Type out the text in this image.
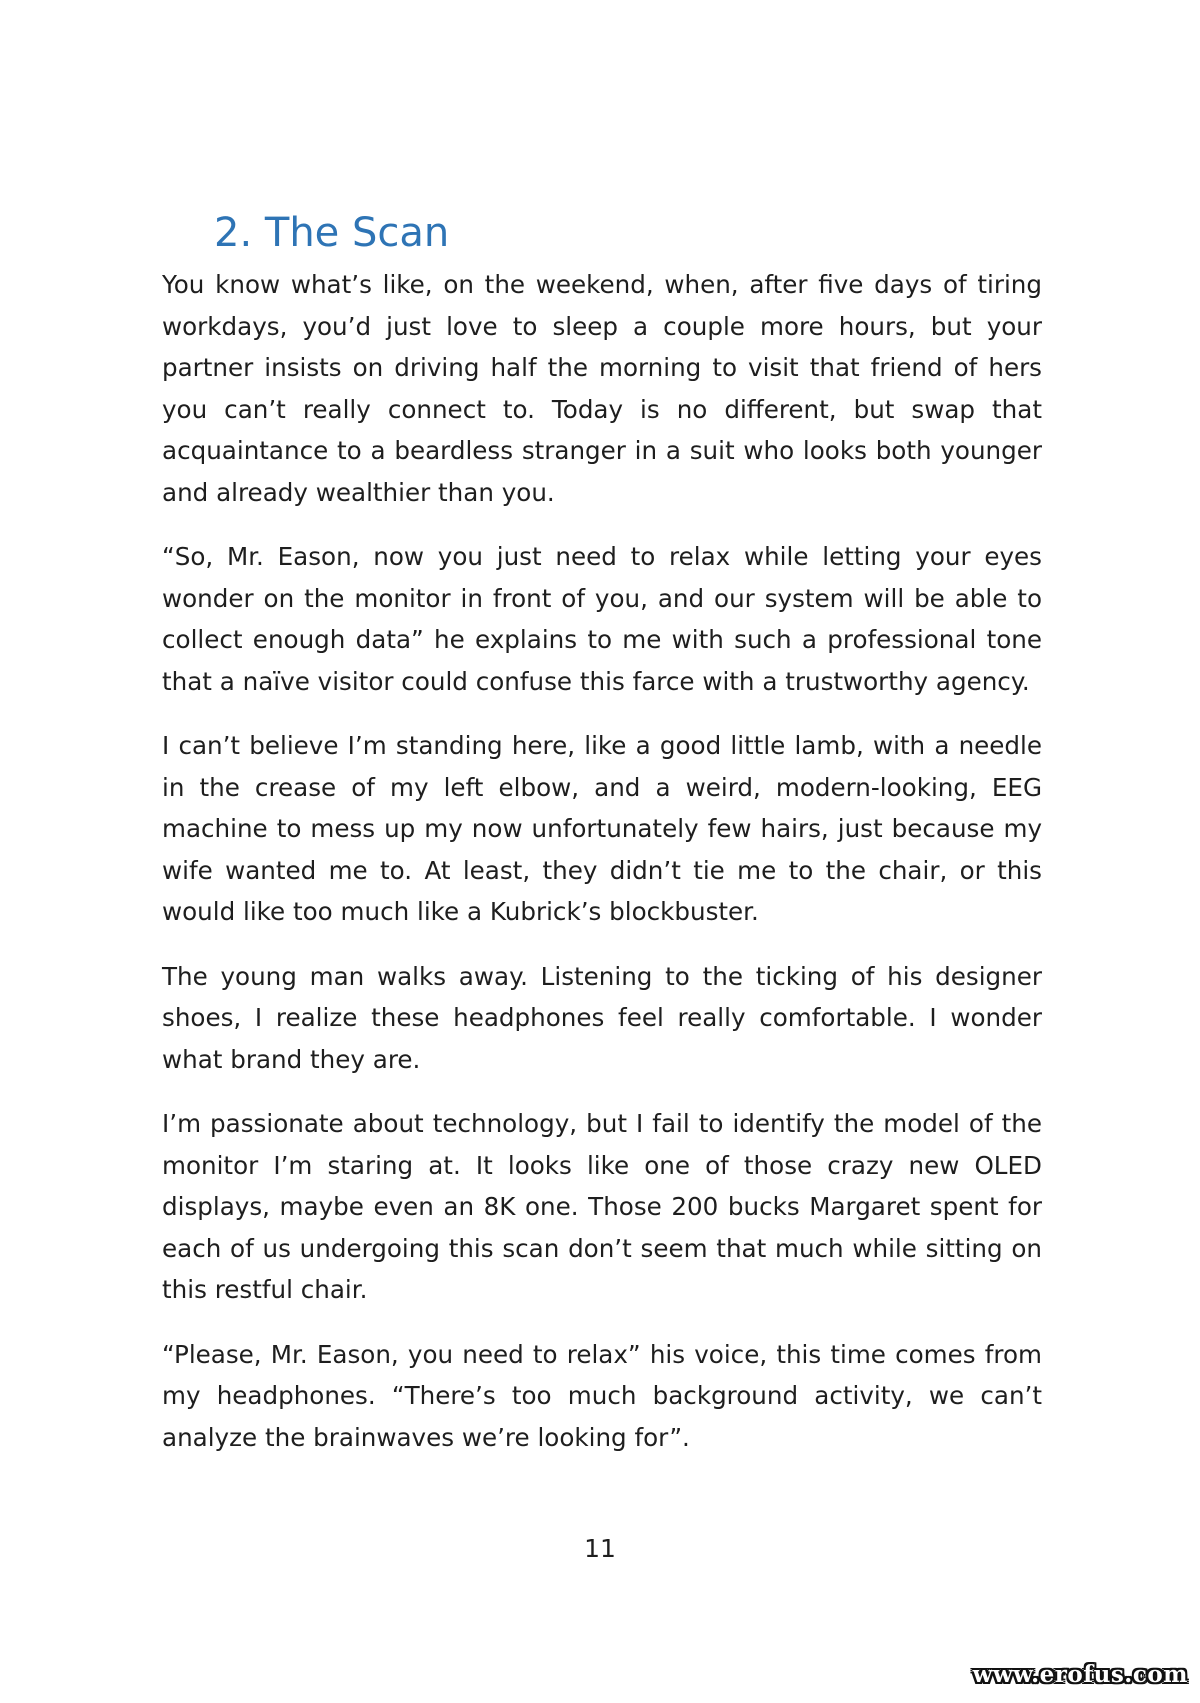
2. The Scan

You know what’s like, on the weekend, when, after five days of tiring workdays, you’d just love to sleep a couple more hours, but your partner insists on driving half the morning to visit that friend of hers you can’t really connect to. Today is no different, but swap that acquaintance to a beardless stranger in a suit who looks both younger and already wealthier than you.

“So, Mr. Eason, now you just need to relax while letting your eyes wonder on the monitor in front of you, and our system will be able to collect enough data” he explains to me with such a professional tone that a naïve visitor could confuse this farce with a trustworthy agency.

I can’t believe I’m standing here, like a good little lamb, with a needle in the crease of my left elbow, and a weird, modern-looking, EEG machine to mess up my now unfortunately few hairs, just because my wife wanted me to. At least, they didn’t tie me to the chair, or this would like too much like a Kubrick’s blockbuster.

The young man walks away. Listening to the ticking of his designer shoes, I realize these headphones feel really comfortable. I wonder what brand they are.

I’m passionate about technology, but I fail to identify the model of the monitor I’m staring at. It looks like one of those crazy new OLED displays, maybe even an 8K one. Those 200 bucks Margaret spent for each of us undergoing this scan don’t seem that much while sitting on this restful chair.

“Please, Mr. Eason, you need to relax” his voice, this time comes from my headphones. “There’s too much background activity, we can’t analyze the brainwaves we’re looking for”.

11
www.erofus.com
